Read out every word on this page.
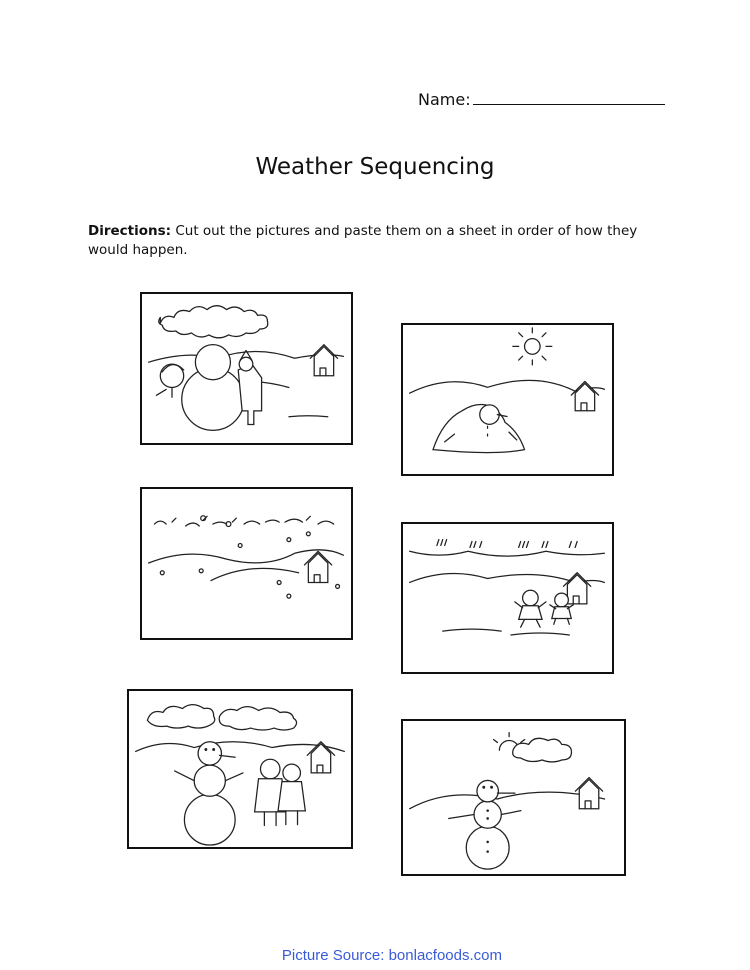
Name:
Weather Sequencing
Directions: Cut out the pictures and paste them on a sheet in order of how they would happen.
Picture Source: bonlacfoods.com
